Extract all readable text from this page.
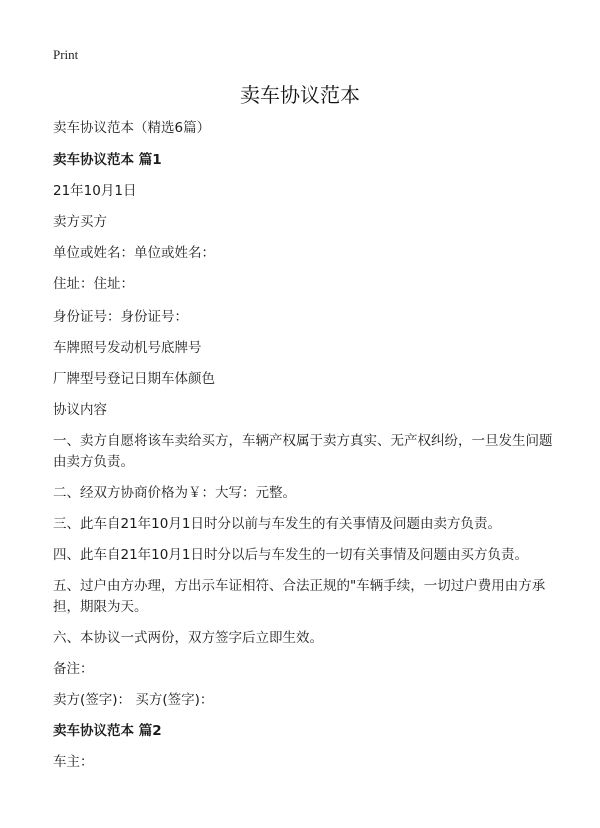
Print
卖车协议范本

卖车协议范本（精选6篇）

卖车协议范本 篇1

21年10月1日

卖方买方

单位或姓名：单位或姓名：

住址：住址：

身份证号：身份证号：

车牌照号发动机号底牌号

厂牌型号登记日期车体颜色

协议内容

一、卖方自愿将该车卖给买方，车辆产权属于卖方真实、无产权纠纷，一旦发生问题由卖方负责。

二、经双方协商价格为￥：大写：元整。

三、此车自21年10月1日时分以前与车发生的有关事情及问题由卖方负责。

四、此车自21年10月1日时分以后与车发生的一切有关事情及问题由买方负责。

五、过户由方办理，方出示车证相符、合法正规的"车辆手续，一切过户费用由方承担，期限为天。

六、本协议一式两份，双方签字后立即生效。

备注：

卖方(签字)： 买方(签字)：

卖车协议范本 篇2

车主：
